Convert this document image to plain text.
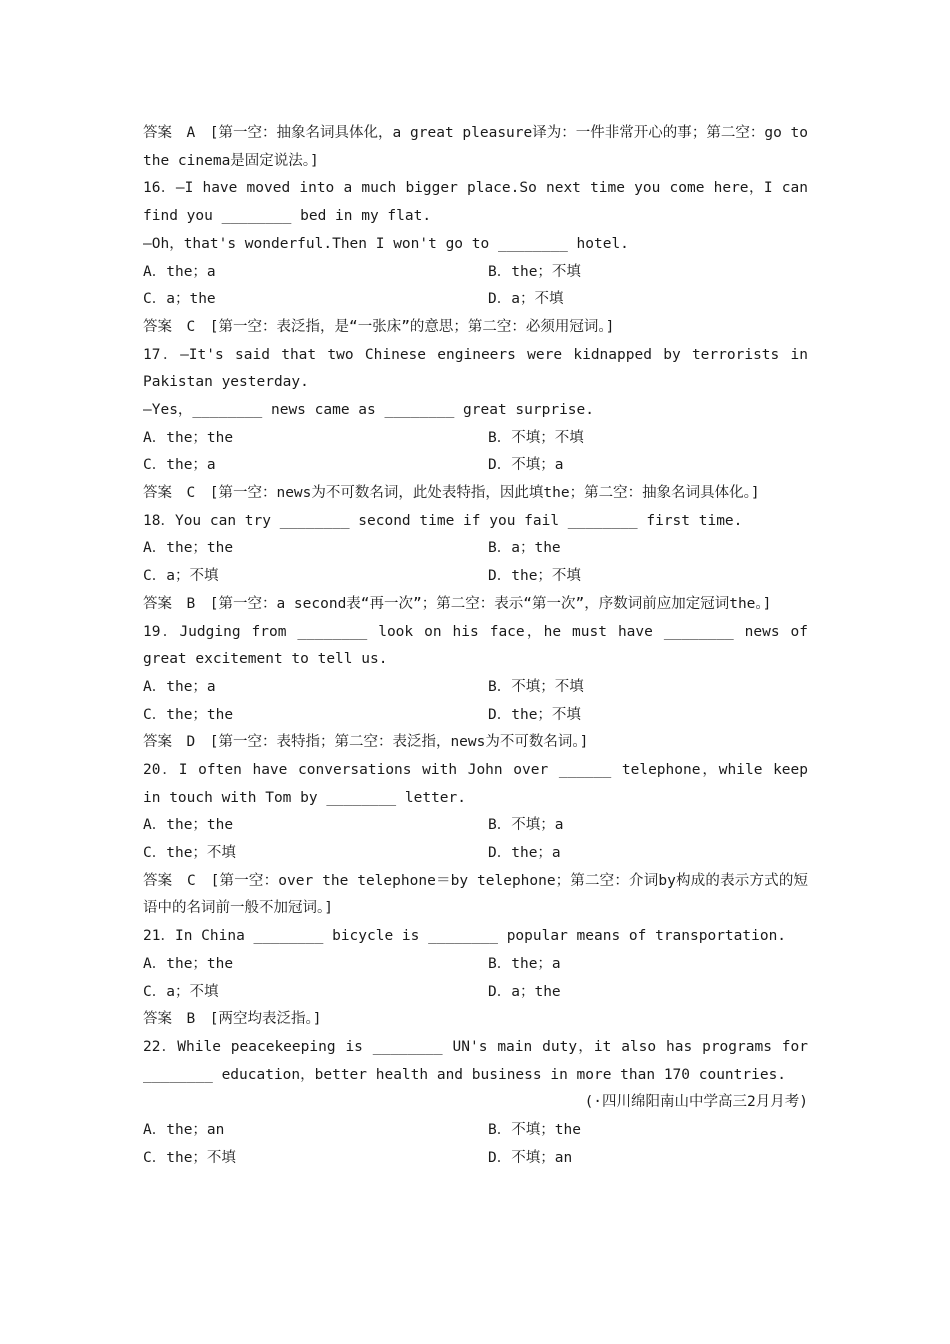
答案　A　[第一空：抽象名词具体化，a great pleasure译为：一件非常开心的事；第二空：go to the cinema是固定说法。]
16．—I have moved into a much bigger place.So next time you come here，I can find you ________ bed in my flat.
—Oh，that's wonderful.Then I won't go to ________ hotel.
A．the；a	B．the；不填
C．a；the	D．a；不填
答案　C　[第一空：表泛指，是“一张床”的意思；第二空：必须用冠词。]
17．—It's said that two Chinese engineers were kidnapped by terrorists in Pakistan yesterday.
—Yes，________ news came as ________ great surprise.
A．the；the	B．不填；不填
C．the；a	D．不填；a
答案　C　[第一空：news为不可数名词，此处表特指，因此填the；第二空：抽象名词具体化。]
18．You can try ________ second time if you fail ________ first time.
A．the；the	B．a；the
C．a；不填	D．the；不填
答案　B　[第一空：a second表“再一次”；第二空：表示“第一次”，序数词前应加定冠词the。]
19．Judging from ________ look on his face，he must have ________ news of great excitement to tell us.
A．the；a	B．不填；不填
C．the；the	D．the；不填
答案　D　[第一空：表特指；第二空：表泛指，news为不可数名词。]
20．I often have conversations with John over ______ telephone，while keep in touch with Tom by ________ letter.
A．the；the	B．不填；a
C．the；不填	D．the；a
答案　C　[第一空：over the telephone＝by telephone；第二空：介词by构成的表示方式的短语中的名词前一般不加冠词。]
21．In China ________ bicycle is ________ popular means of transportation.
A．the；the	B．the；a
C．a；不填	D．a；the
答案　B　[两空均表泛指。]
22．While peacekeeping is ________ UN's main duty，it also has programs for ________ education，better health and business in more than 170 countries.
(·四川绵阳南山中学高三2月月考)
A．the；an	B．不填；the
C．the；不填	D．不填；an
